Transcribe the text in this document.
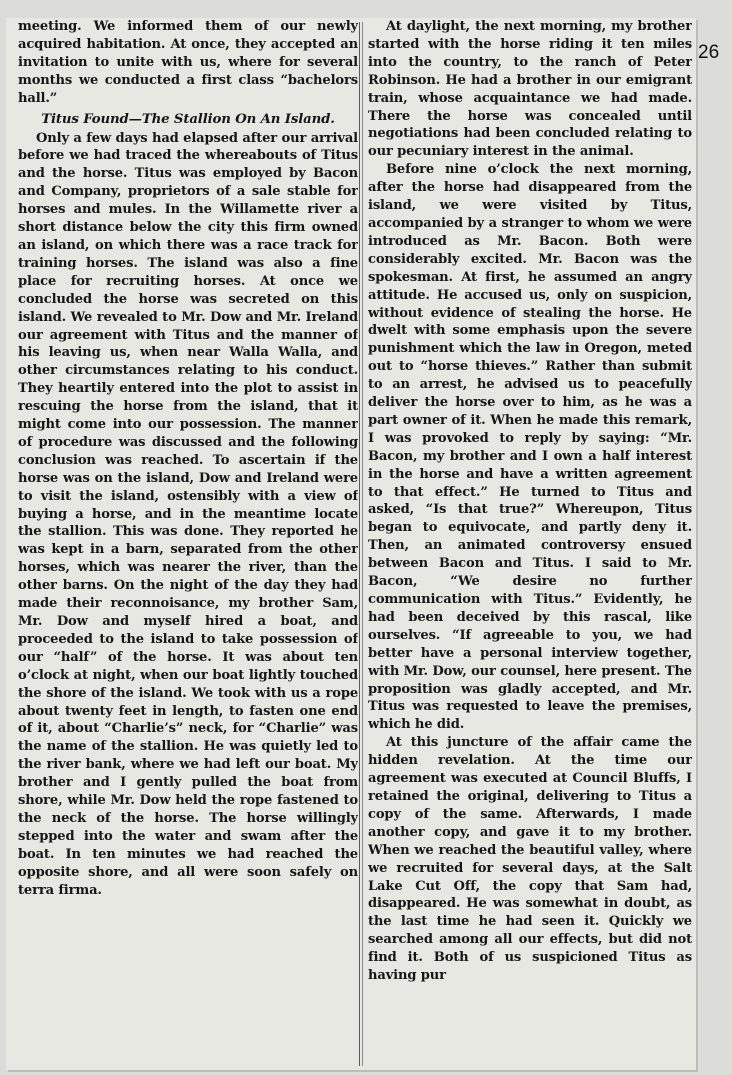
meeting. We informed them of our newly acquired habitation. At once, they accepted an invitation to unite with us, where for several months we conducted a first class “bachelors hall.”

Titus Found—The Stallion On An Island.

Only a few days had elapsed after our arrival before we had traced the whereabouts of Titus and the horse. Titus was employed by Bacon and Company, proprietors of a sale stable for horses and mules. In the Willamette river a short distance below the city this firm owned an island, on which there was a race track for training horses. The island was also a fine place for recruiting horses. At once we concluded the horse was secreted on this island. We revealed to Mr. Dow and Mr. Ireland our agreement with Titus and the manner of his leaving us, when near Walla Walla, and other circumstances relating to his conduct. They heartily entered into the plot to assist in rescuing the horse from the island, that it might come into our possession. The manner of procedure was discussed and the following conclusion was reached. To ascertain if the horse was on the island, Dow and Ireland were to visit the island, ostensibly with a view of buying a horse, and in the meantime locate the stallion. This was done. They reported he was kept in a barn, separated from the other horses, which was nearer the river, than the other barns. On the night of the day they had made their reconnoisance, my brother Sam, Mr. Dow and myself hired a boat, and proceeded to the island to take possession of our “half” of the horse. It was about ten o’clock at night, when our boat lightly touched the shore of the island. We took with us a rope about twenty feet in length, to fasten one end of it, about “Charlie’s” neck, for “Charlie” was the name of the stallion. He was quietly led to the river bank, where we had left our boat. My brother and I gently pulled the boat from shore, while Mr. Dow held the rope fastened to the neck of the horse. The horse willingly stepped into the water and swam after the boat. In ten minutes we had reached the opposite shore, and all were soon safely on terra firma.

At daylight, the next morning, my brother started with the horse riding it ten miles into the country, to the ranch of Peter Robinson. He had a brother in our emigrant train, whose acquaintance we had made. There the horse was concealed until negotiations had been concluded relating to our pecuniary interest in the animal.

Before nine o’clock the next morning, after the horse had disappeared from the island, we were visited by Titus, accompanied by a stranger to whom we were introduced as Mr. Bacon. Both were considerably excited. Mr. Bacon was the spokesman. At first, he assumed an angry attitude. He accused us, only on suspicion, without evidence of stealing the horse. He dwelt with some emphasis upon the severe punishment which the law in Oregon, meted out to “horse thieves.” Rather than submit to an arrest, he advised us to peacefully deliver the horse over to him, as he was a part owner of it. When he made this remark, I was provoked to reply by saying: “Mr. Bacon, my brother and I own a half interest in the horse and have a written agreement to that effect.” He turned to Titus and asked, “Is that true?” Whereupon, Titus began to equivocate, and partly deny it. Then, an animated controversy ensued between Bacon and Titus. I said to Mr. Bacon, “We desire no further communication with Titus.” Evidently, he had been deceived by this rascal, like ourselves. “If agreeable to you, we had better have a personal interview together, with Mr. Dow, our counsel, here present. The proposition was gladly accepted, and Mr. Titus was requested to leave the premises, which he did.

At this juncture of the affair came the hidden revelation. At the time our agreement was executed at Council Bluffs, I retained the original, delivering to Titus a copy of the same. Afterwards, I made another copy, and gave it to my brother. When we reached the beautiful valley, where we recruited for several days, at the Salt Lake Cut Off, the copy that Sam had, disappeared. He was somewhat in doubt, as the last time he had seen it. Quickly we searched among all our effects, but did not find it. Both of us suspicioned Titus as having pur

26
